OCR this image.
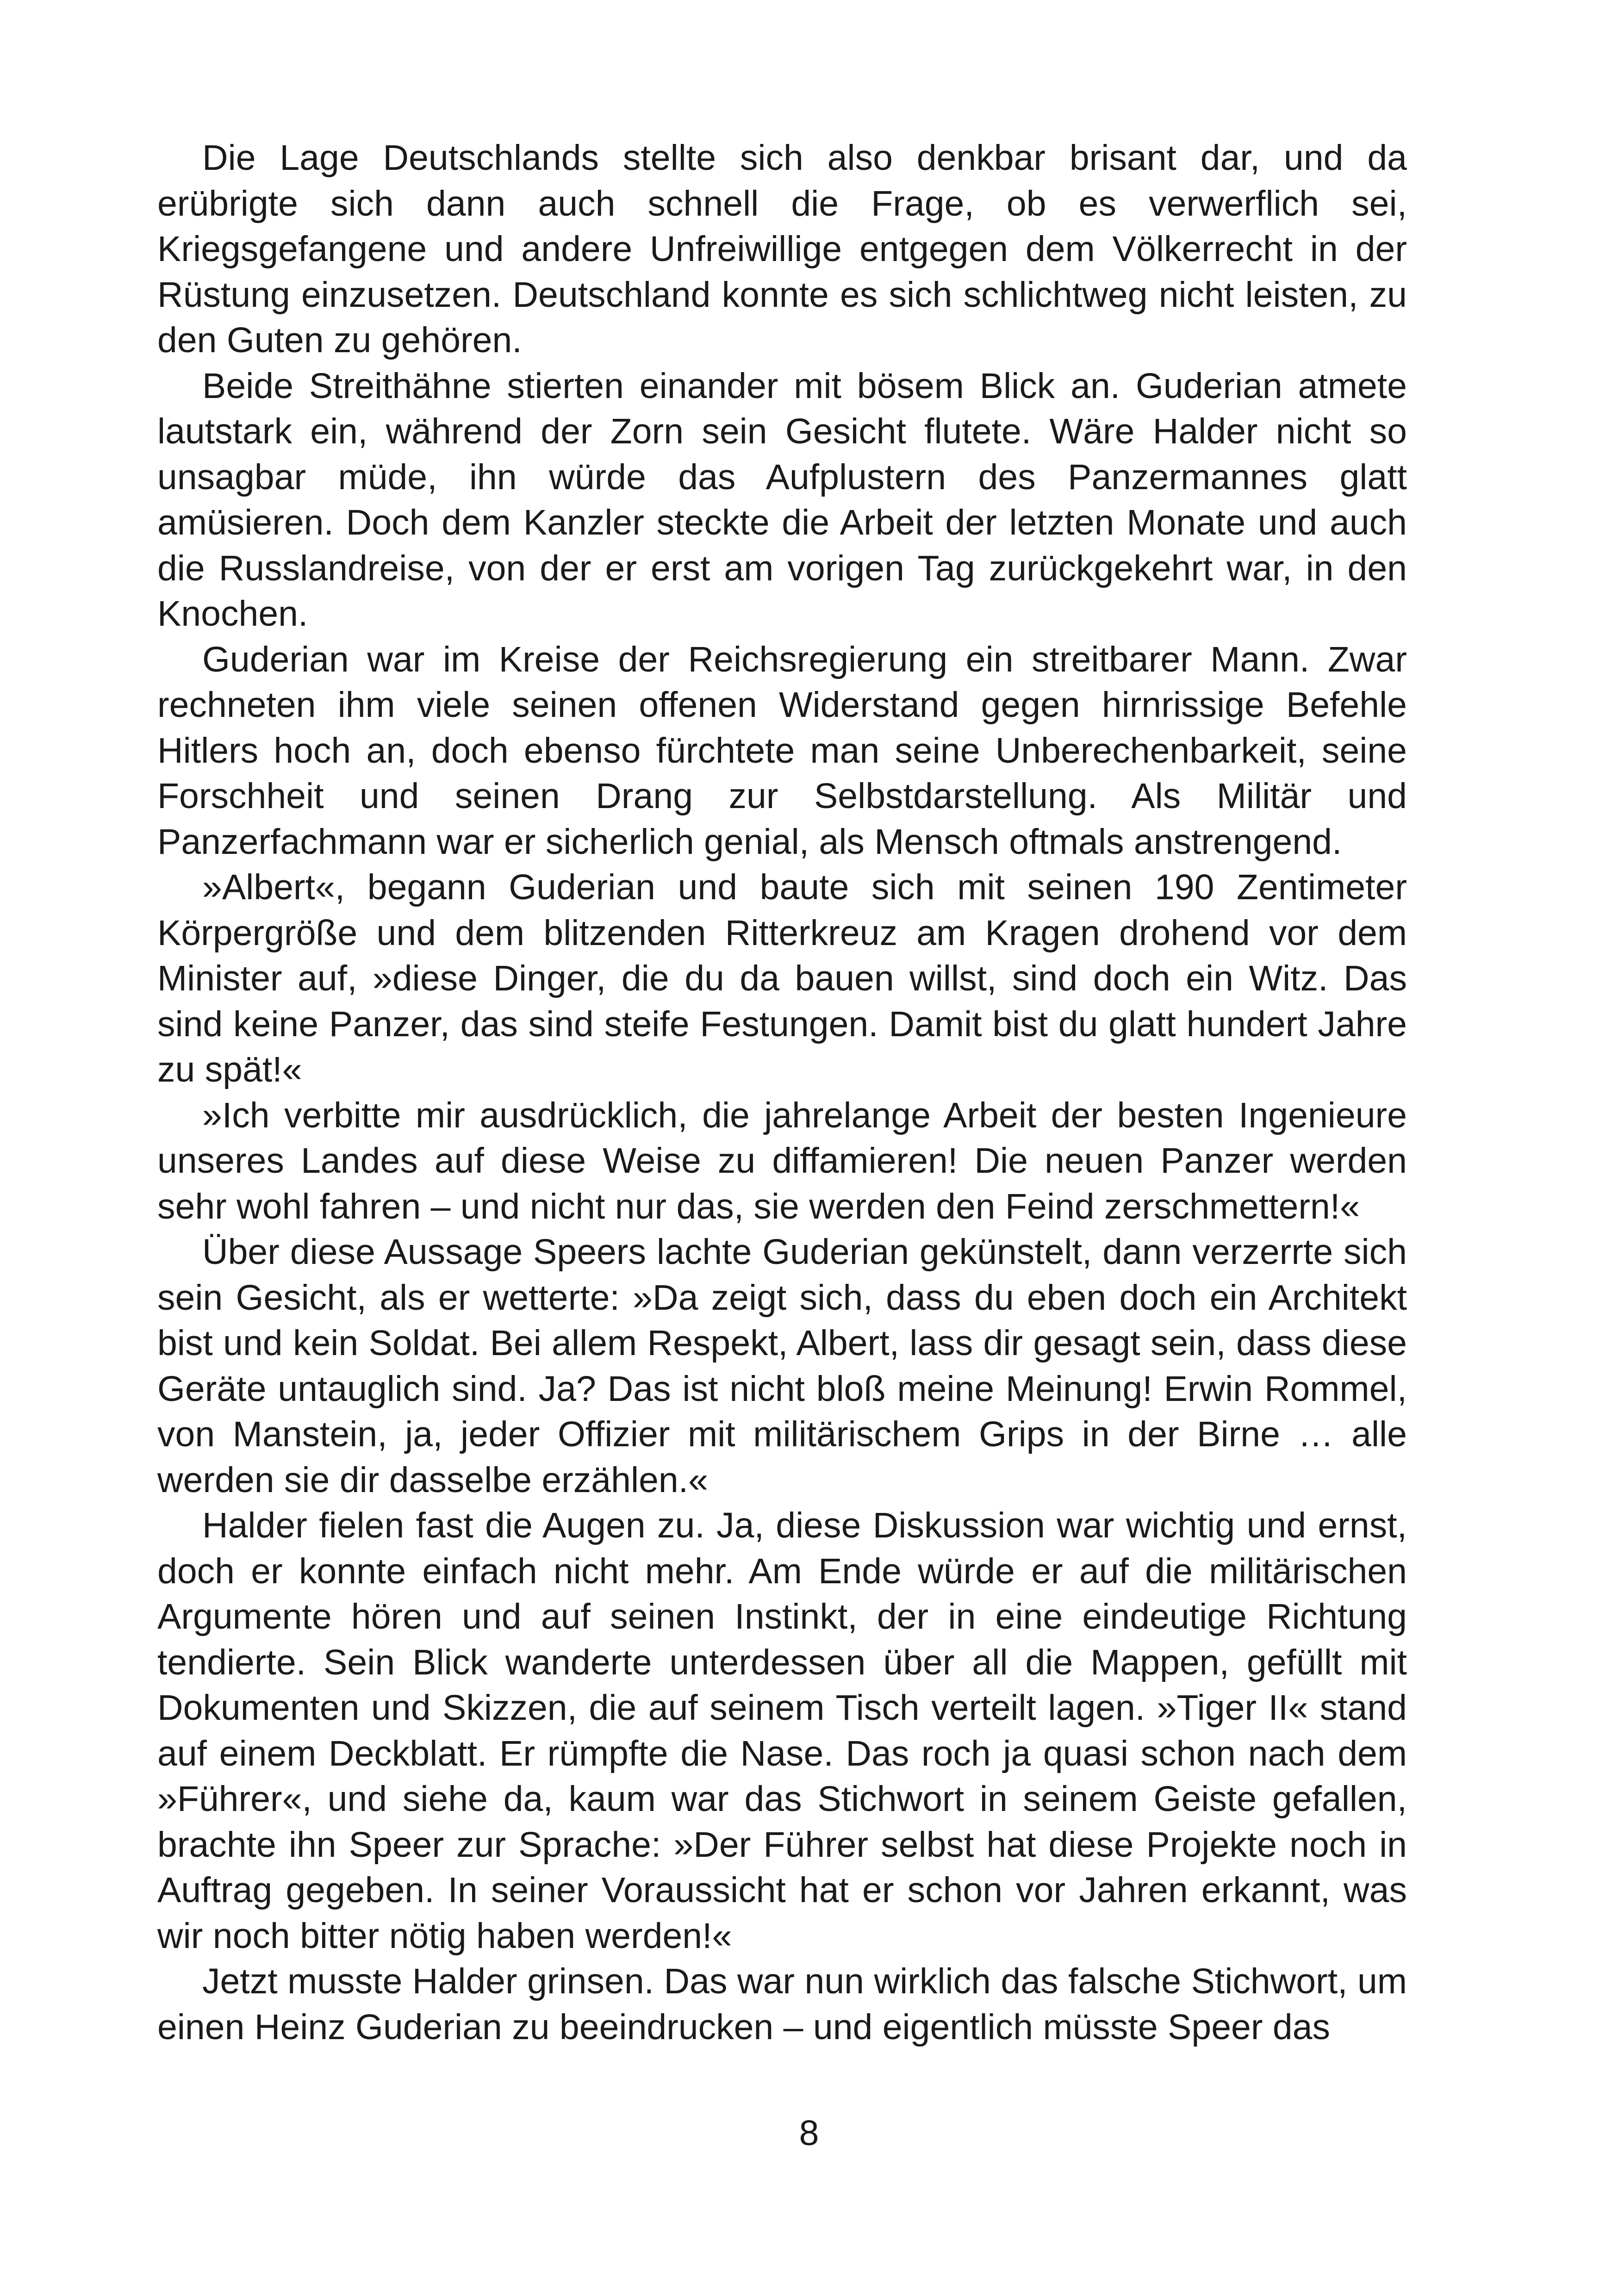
Die Lage Deutschlands stellte sich also denkbar brisant dar, und da erübrigte sich dann auch schnell die Frage, ob es verwerflich sei, Kriegsgefangene und andere Unfreiwillige entgegen dem Völkerrecht in der Rüstung einzusetzen. Deutschland konnte es sich schlichtweg nicht leisten, zu den Guten zu gehören.

Beide Streithähne stierten einander mit bösem Blick an. Guderian atmete lautstark ein, während der Zorn sein Gesicht flutete. Wäre Halder nicht so unsagbar müde, ihn würde das Aufplustern des Panzermannes glatt amüsieren. Doch dem Kanzler steckte die Arbeit der letzten Monate und auch die Russlandreise, von der er erst am vorigen Tag zurückgekehrt war, in den Knochen.

Guderian war im Kreise der Reichsregierung ein streitbarer Mann. Zwar rechneten ihm viele seinen offenen Widerstand gegen hirnrissige Befehle Hitlers hoch an, doch ebenso fürchtete man seine Unberechenbarkeit, seine Forschheit und seinen Drang zur Selbstdarstellung. Als Militär und Panzerfachmann war er sicherlich genial, als Mensch oftmals anstrengend.

»Albert«, begann Guderian und baute sich mit seinen 190 Zentimeter Körpergröße und dem blitzenden Ritterkreuz am Kragen drohend vor dem Minister auf, »diese Dinger, die du da bauen willst, sind doch ein Witz. Das sind keine Panzer, das sind steife Festungen. Damit bist du glatt hundert Jahre zu spät!«

»Ich verbitte mir ausdrücklich, die jahrelange Arbeit der besten Ingenieure unseres Landes auf diese Weise zu diffamieren! Die neuen Panzer werden sehr wohl fahren – und nicht nur das, sie werden den Feind zerschmettern!«

Über diese Aussage Speers lachte Guderian gekünstelt, dann verzerrte sich sein Gesicht, als er wetterte: »Da zeigt sich, dass du eben doch ein Architekt bist und kein Soldat. Bei allem Respekt, Albert, lass dir gesagt sein, dass diese Geräte untauglich sind. Ja? Das ist nicht bloß meine Meinung! Erwin Rommel, von Manstein, ja, jeder Offizier mit militärischem Grips in der Birne … alle werden sie dir dasselbe erzählen.«

Halder fielen fast die Augen zu. Ja, diese Diskussion war wichtig und ernst, doch er konnte einfach nicht mehr. Am Ende würde er auf die militärischen Argumente hören und auf seinen Instinkt, der in eine eindeutige Richtung tendierte. Sein Blick wanderte unterdessen über all die Mappen, gefüllt mit Dokumenten und Skizzen, die auf seinem Tisch verteilt lagen. »Tiger II« stand auf einem Deckblatt. Er rümpfte die Nase. Das roch ja quasi schon nach dem »Führer«, und siehe da, kaum war das Stichwort in seinem Geiste gefallen, brachte ihn Speer zur Sprache: »Der Führer selbst hat diese Projekte noch in Auftrag gegeben. In seiner Voraussicht hat er schon vor Jahren erkannt, was wir noch bitter nötig haben werden!«

Jetzt musste Halder grinsen. Das war nun wirklich das falsche Stichwort, um einen Heinz Guderian zu beeindrucken – und eigentlich müsste Speer das

8
